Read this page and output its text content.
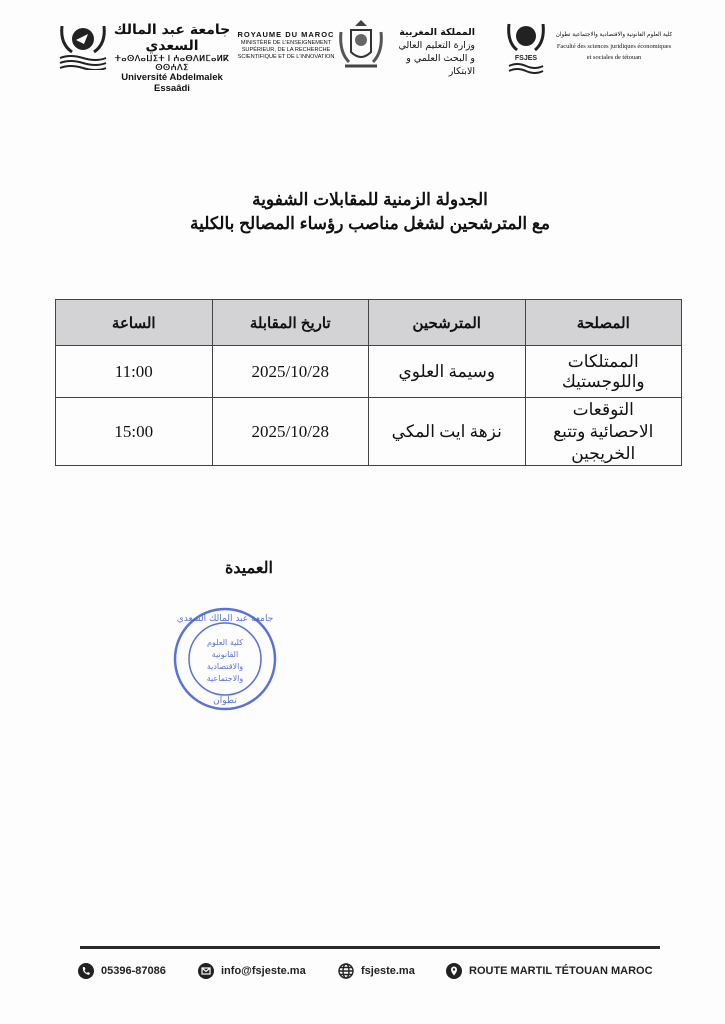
جامعة عبد المالك السعدي
ⵜⴰⵙⴷⴰⵡⵉⵜ ⵏ ⵄⴰⴱⴷⵍⵎⴰⵍⴽ ⵙⵙⵄⴷⵉ
Université Abdelmalek Essaâdi
ROYAUME DU MAROC
MINISTÈRE DE L'ENSEIGNEMENT SUPÉRIEUR, DE LA RECHERCHE SCIENTIFIQUE ET DE L'INNOVATION
المملكة المغربية
وزارة التعليم العالي
و البحث العلمي و الابتكار
FSJES
كلية العلوم القانونية والاقتصادية والاجتماعية تطوان
Faculté des sciences juridiques économiques
et sociales de tétouan
الجدولة الزمنية للمقابلات الشفوية
مع المترشحين لشغل مناصب رؤساء المصالح بالكلية
المصلحة	المترشحين	تاريخ المقابلة	الساعة
الممتلكات واللوجستيك	وسيمة العلوي	2025/10/28	11:00
التوقعات الاحصائية وتتبع الخريجين	نزهة ايت المكي	2025/10/28	15:00
العميدة
كلية العلوم
القانونية
والاقتصادية
والاجتماعية
تطوان
جامعة عبد المالك السعدي
05396-87086	info@fsjeste.ma	fsjeste.ma	ROUTE MARTIL TÉTOUAN MAROC
